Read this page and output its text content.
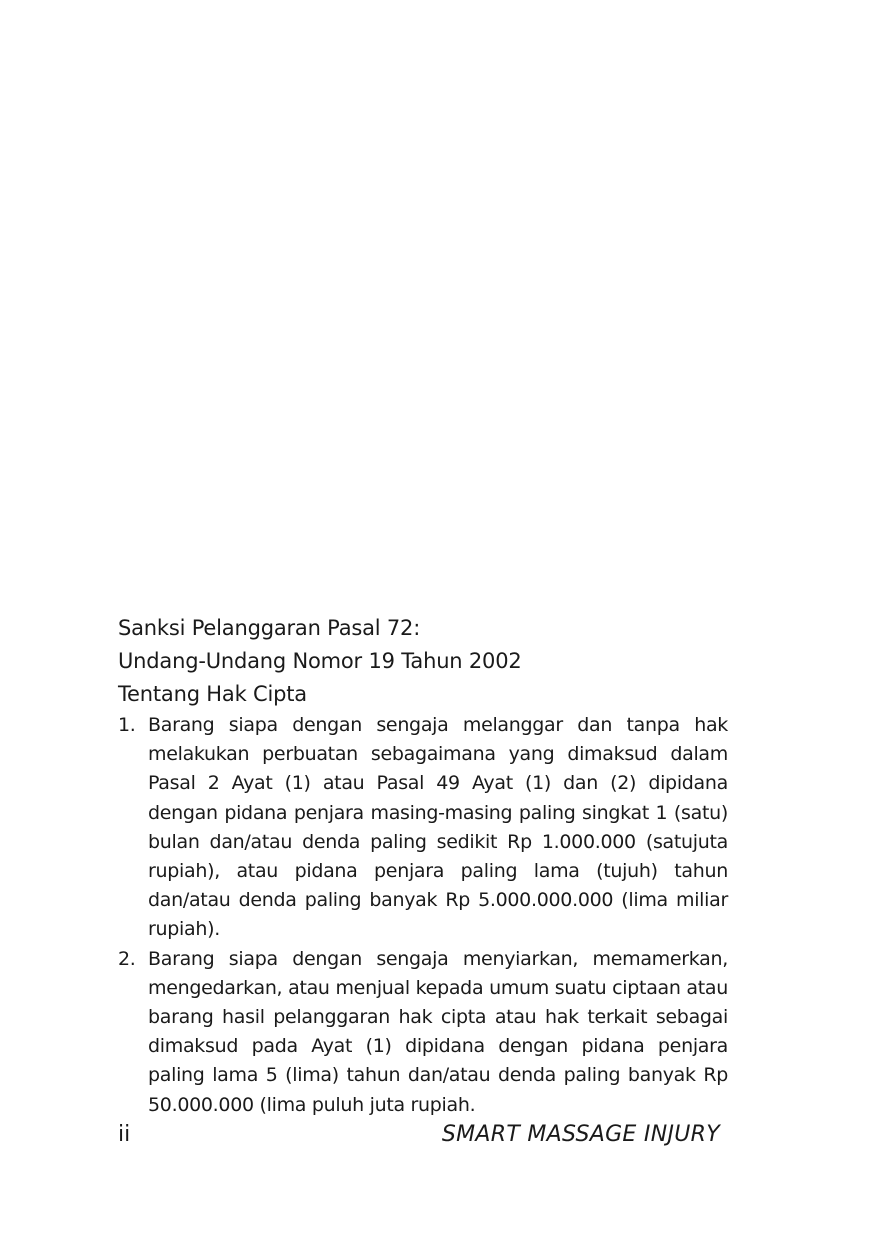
Sanksi Pelanggaran Pasal 72:
Undang-Undang Nomor 19 Tahun 2002
Tentang Hak Cipta
1. Barang siapa dengan sengaja melanggar dan tanpa hak melakukan perbuatan sebagaimana yang dimaksud dalam Pasal 2 Ayat (1) atau Pasal 49 Ayat (1) dan (2) dipidana dengan pidana penjara masing-masing paling singkat 1 (satu) bulan dan/atau denda paling sedikit Rp 1.000.000 (satujuta rupiah), atau pidana penjara paling lama (tujuh) tahun dan/atau denda paling banyak Rp 5.000.000.000 (lima miliar rupiah).
2. Barang siapa dengan sengaja menyiarkan, memamerkan, mengedarkan, atau menjual kepada umum suatu ciptaan atau barang hasil pelanggaran hak cipta atau hak terkait sebagai dimaksud pada Ayat (1) dipidana dengan pidana penjara paling lama 5 (lima) tahun dan/atau denda paling banyak Rp 50.000.000 (lima puluh juta rupiah.
ii	SMART MASSAGE INJURY
